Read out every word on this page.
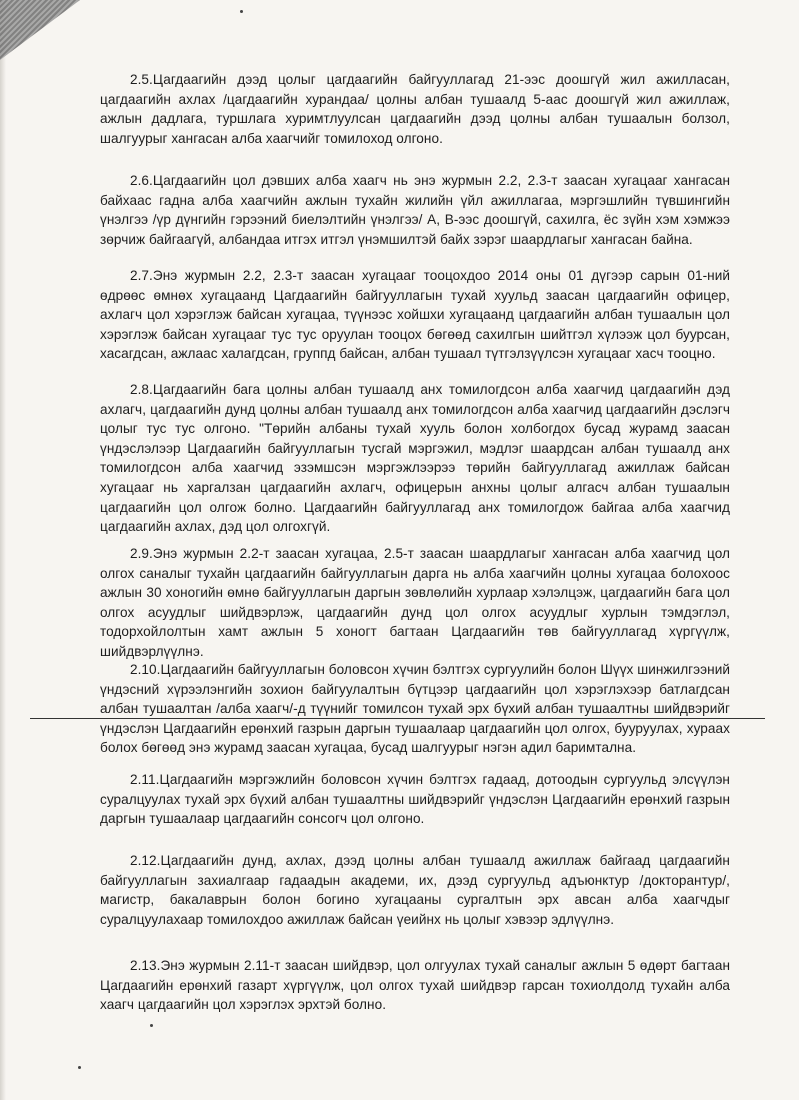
2.5.Цагдаагийн дээд цолыг цагдаагийн байгууллагад 21-ээс доошгүй жил ажилласан, цагдаагийн ахлах /цагдаагийн хурандаа/ цолны албан тушаалд 5-аас доошгүй жил ажиллаж, ажлын дадлага, туршлага хуримтлуулсан цагдаагийн дээд цолны албан тушаалын болзол, шалгуурыг хангасан алба хаагчийг томилоход олгоно.

2.6.Цагдаагийн цол дэвших алба хаагч нь энэ журмын 2.2, 2.3-т заасан хугацааг хангасан байхаас гадна алба хаагчийн ажлын тухайн жилийн үйл ажиллагаа, мэргэшлийн түвшингийн үнэлгээ /үр дүнгийн гэрээний биелэлтийн үнэлгээ/ А, В-ээс доошгүй, сахилга, ёс зүйн хэм хэмжээ зөрчиж байгаагүй, албандаа итгэх итгэл үнэмшилтэй байх зэрэг шаардлагыг хангасан байна.

2.7.Энэ журмын 2.2, 2.3-т заасан хугацааг тооцохдоо 2014 оны 01 дүгээр сарын 01-ний өдрөөс өмнөх хугацаанд Цагдаагийн байгууллагын тухай хуульд заасан цагдаагийн офицер, ахлагч цол хэрэглэж байсан хугацаа, түүнээс хойшхи хугацаанд цагдаагийн албан тушаалын цол хэрэглэж байсан хугацааг тус тус оруулан тооцох бөгөөд сахилгын шийтгэл хүлээж цол буурсан, хасагдсан, ажлаас халагдсан, группд байсан, албан тушаал түтгэлзүүлсэн хугацааг хасч тооцно.

2.8.Цагдаагийн бага цолны албан тушаалд анх томилогдсон алба хаагчид цагдаагийн дэд ахлагч, цагдаагийн дунд цолны албан тушаалд анх томилогдсон алба хаагчид цагдаагийн дэслэгч цолыг тус тус олгоно. "Төрийн албаны тухай хууль болон холбогдох бусад журамд заасан үндэслэлээр Цагдаагийн байгууллагын тусгай мэргэжил, мэдлэг шаардсан албан тушаалд анх томилогдсон алба хаагчид эзэмшсэн мэргэжлээрээ төрийн байгууллагад ажиллаж байсан хугацааг нь харгалзан цагдаагийн ахлагч, офицерын анхны цолыг алгасч албан тушаалын цагдаагийн цол олгож болно. Цагдаагийн байгууллагад анх томилогдож байгаа алба хаагчид цагдаагийн ахлах, дэд цол олгохгүй.

2.9.Энэ журмын 2.2-т заасан хугацаа, 2.5-т заасан шаардлагыг хангасан алба хаагчид цол олгох саналыг тухайн цагдаагийн байгууллагын дарга нь алба хаагчийн цолны хугацаа болохоос ажлын 30 хоногийн өмнө байгууллагын даргын зөвлөлийн хурлаар хэлэлцэж, цагдаагийн бага цол олгох асуудлыг шийдвэрлэж, цагдаагийн дунд цол олгох асуудлыг хурлын тэмдэглэл, тодорхойлолтын хамт ажлын 5 хоногт багтаан Цагдаагийн төв байгууллагад хүргүүлж, шийдвэрлүүлнэ.

2.10.Цагдаагийн байгууллагын боловсон хүчин бэлтгэх сургуулийн болон Шүүх шинжилгээний үндэсний хүрээлэнгийн зохион байгуулалтын бүтцээр цагдаагийн цол хэрэглэхээр батлагдсан албан тушаалтан /алба хаагч/-д түүнийг томилсон тухай эрх бүхий албан тушаалтны шийдвэрийг үндэслэн Цагдаагийн ерөнхий газрын даргын тушаалаар цагдаагийн цол олгох, бууруулах, хураах болох бөгөөд энэ журамд заасан хугацаа, бусад шалгуурыг нэгэн адил баримтална.

2.11.Цагдаагийн мэргэжлийн боловсон хүчин бэлтгэх гадаад, дотоодын сургуульд элсүүлэн суралцуулах тухай эрх бүхий албан тушаалтны шийдвэрийг үндэслэн Цагдаагийн ерөнхий газрын даргын тушаалаар цагдаагийн сонсогч цол олгоно.

2.12.Цагдаагийн дунд, ахлах, дээд цолны албан тушаалд ажиллаж байгаад цагдаагийн байгууллагын захиалгаар гадаадын академи, их, дээд сургуульд адъюнктур /докторантур/, магистр, бакалаврын болон богино хугацааны сургалтын эрх авсан алба хаагчдыг суралцуулахаар томилохдоо ажиллаж байсан үеийнх нь цолыг хэвээр эдлүүлнэ.

2.13.Энэ журмын 2.11-т заасан шийдвэр, цол олгуулах тухай саналыг ажлын 5 өдөрт багтаан Цагдаагийн ерөнхий газарт хүргүүлж, цол олгох тухай шийдвэр гарсан тохиолдолд тухайн алба хаагч цагдаагийн цол хэрэглэх эрхтэй болно.
